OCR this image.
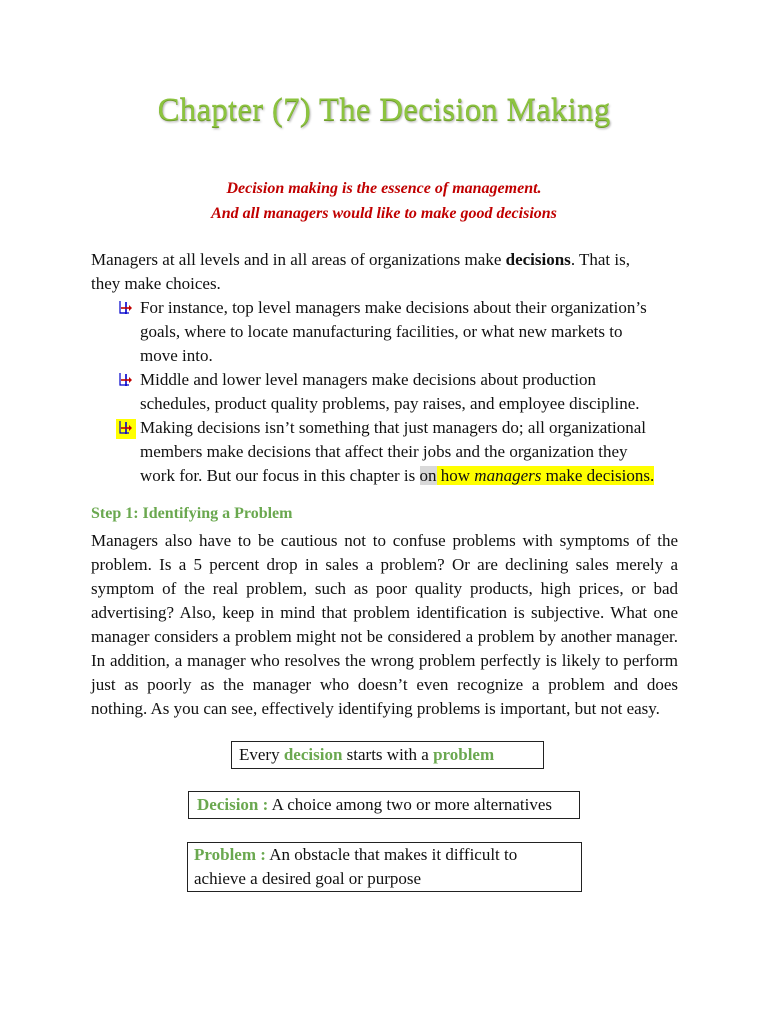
Chapter (7) The Decision Making
Decision making is the essence of management.
And all managers would like to make good decisions
Managers at all levels and in all areas of organizations make decisions. That is,
they make choices.
For instance, top level managers make decisions about their organization’s
goals, where to locate manufacturing facilities, or what new markets to
move into.
Middle and lower level managers make decisions about production
schedules, product quality problems, pay raises, and employee discipline.
Making decisions isn’t something that just managers do; all organizational
members make decisions that affect their jobs and the organization they
work for. But our focus in this chapter is on how managers make decisions.
Step 1: Identifying a Problem
Managers also have to be cautious not to confuse problems with symptoms of the problem. Is a 5 percent drop in sales a problem? Or are declining sales merely a symptom of the real problem, such as poor quality products, high prices, or bad advertising? Also, keep in mind that problem identification is subjective. What one manager considers a problem might not be considered a problem by another manager. In addition, a manager who resolves the wrong problem perfectly is likely to perform just as poorly as the manager who doesn’t even recognize a problem and does nothing. As you can see, effectively identifying problems is important, but not easy.
Every decision starts with a problem
Decision : A choice among two or more alternatives
Problem : An obstacle that makes it difficult to
achieve a desired goal or purpose
